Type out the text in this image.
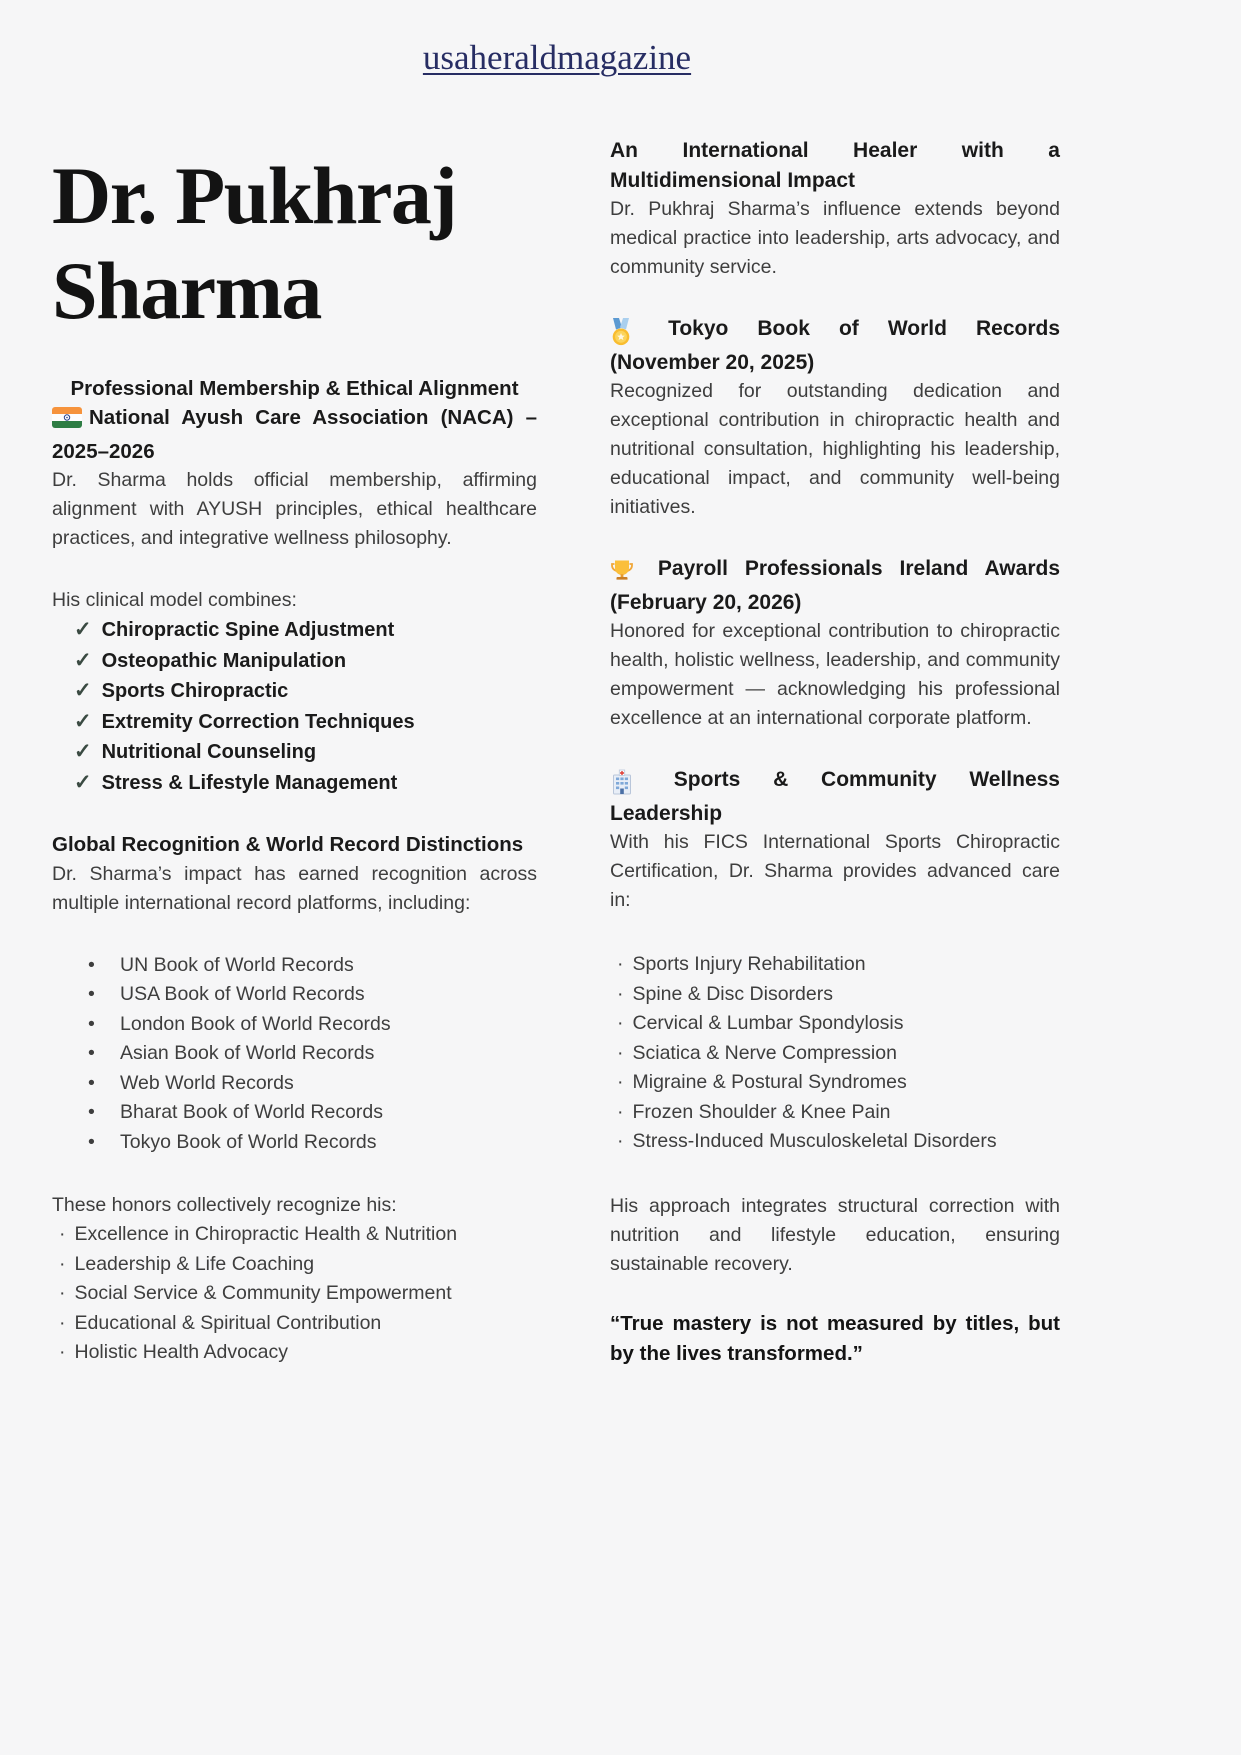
usaheraldmagazine
Dr. Pukhraj Sharma
Professional Membership & Ethical Alignment

National Ayush Care Association (NACA) – 2025–2026

Dr. Sharma holds official membership, affirming alignment with AYUSH principles, ethical healthcare practices, and integrative wellness philosophy.

His clinical model combines:

✓ Chiropractic Spine Adjustment
✓ Osteopathic Manipulation
✓ Sports Chiropractic
✓ Extremity Correction Techniques
✓ Nutritional Counseling
✓ Stress & Lifestyle Management
Global Recognition & World Record Distinctions

Dr. Sharma’s impact has earned recognition across multiple international record platforms, including:

•	UN Book of World Records
•	USA Book of World Records
•	London Book of World Records
•	Asian Book of World Records
•	Web World Records
•	Bharat Book of World Records
•	Tokyo Book of World Records

These honors collectively recognize his:

· Excellence in Chiropractic Health & Nutrition
· Leadership & Life Coaching
· Social Service & Community Empowerment
· Educational & Spiritual Contribution
· Holistic Health Advocacy
An International Healer with a Multidimensional Impact

Dr. Pukhraj Sharma’s influence extends beyond medical practice into leadership, arts advocacy, and community service.

Tokyo Book of World Records (November 20, 2025)

Recognized for outstanding dedication and exceptional contribution in chiropractic health and nutritional consultation, highlighting his leadership, educational impact, and community well-being initiatives.

Payroll Professionals Ireland Awards (February 20, 2026)

Honored for exceptional contribution to chiropractic health, holistic wellness, leadership, and community empowerment — acknowledging his professional excellence at an international corporate platform.

Sports & Community Wellness Leadership

With his FICS International Sports Chiropractic Certification, Dr. Sharma provides advanced care in:

· Sports Injury Rehabilitation
· Spine & Disc Disorders
· Cervical & Lumbar Spondylosis
· Sciatica & Nerve Compression
· Migraine & Postural Syndromes
· Frozen Shoulder & Knee Pain
· Stress-Induced Musculoskeletal Disorders

His approach integrates structural correction with nutrition and lifestyle education, ensuring sustainable recovery.

“True mastery is not measured by titles, but by the lives transformed.”
